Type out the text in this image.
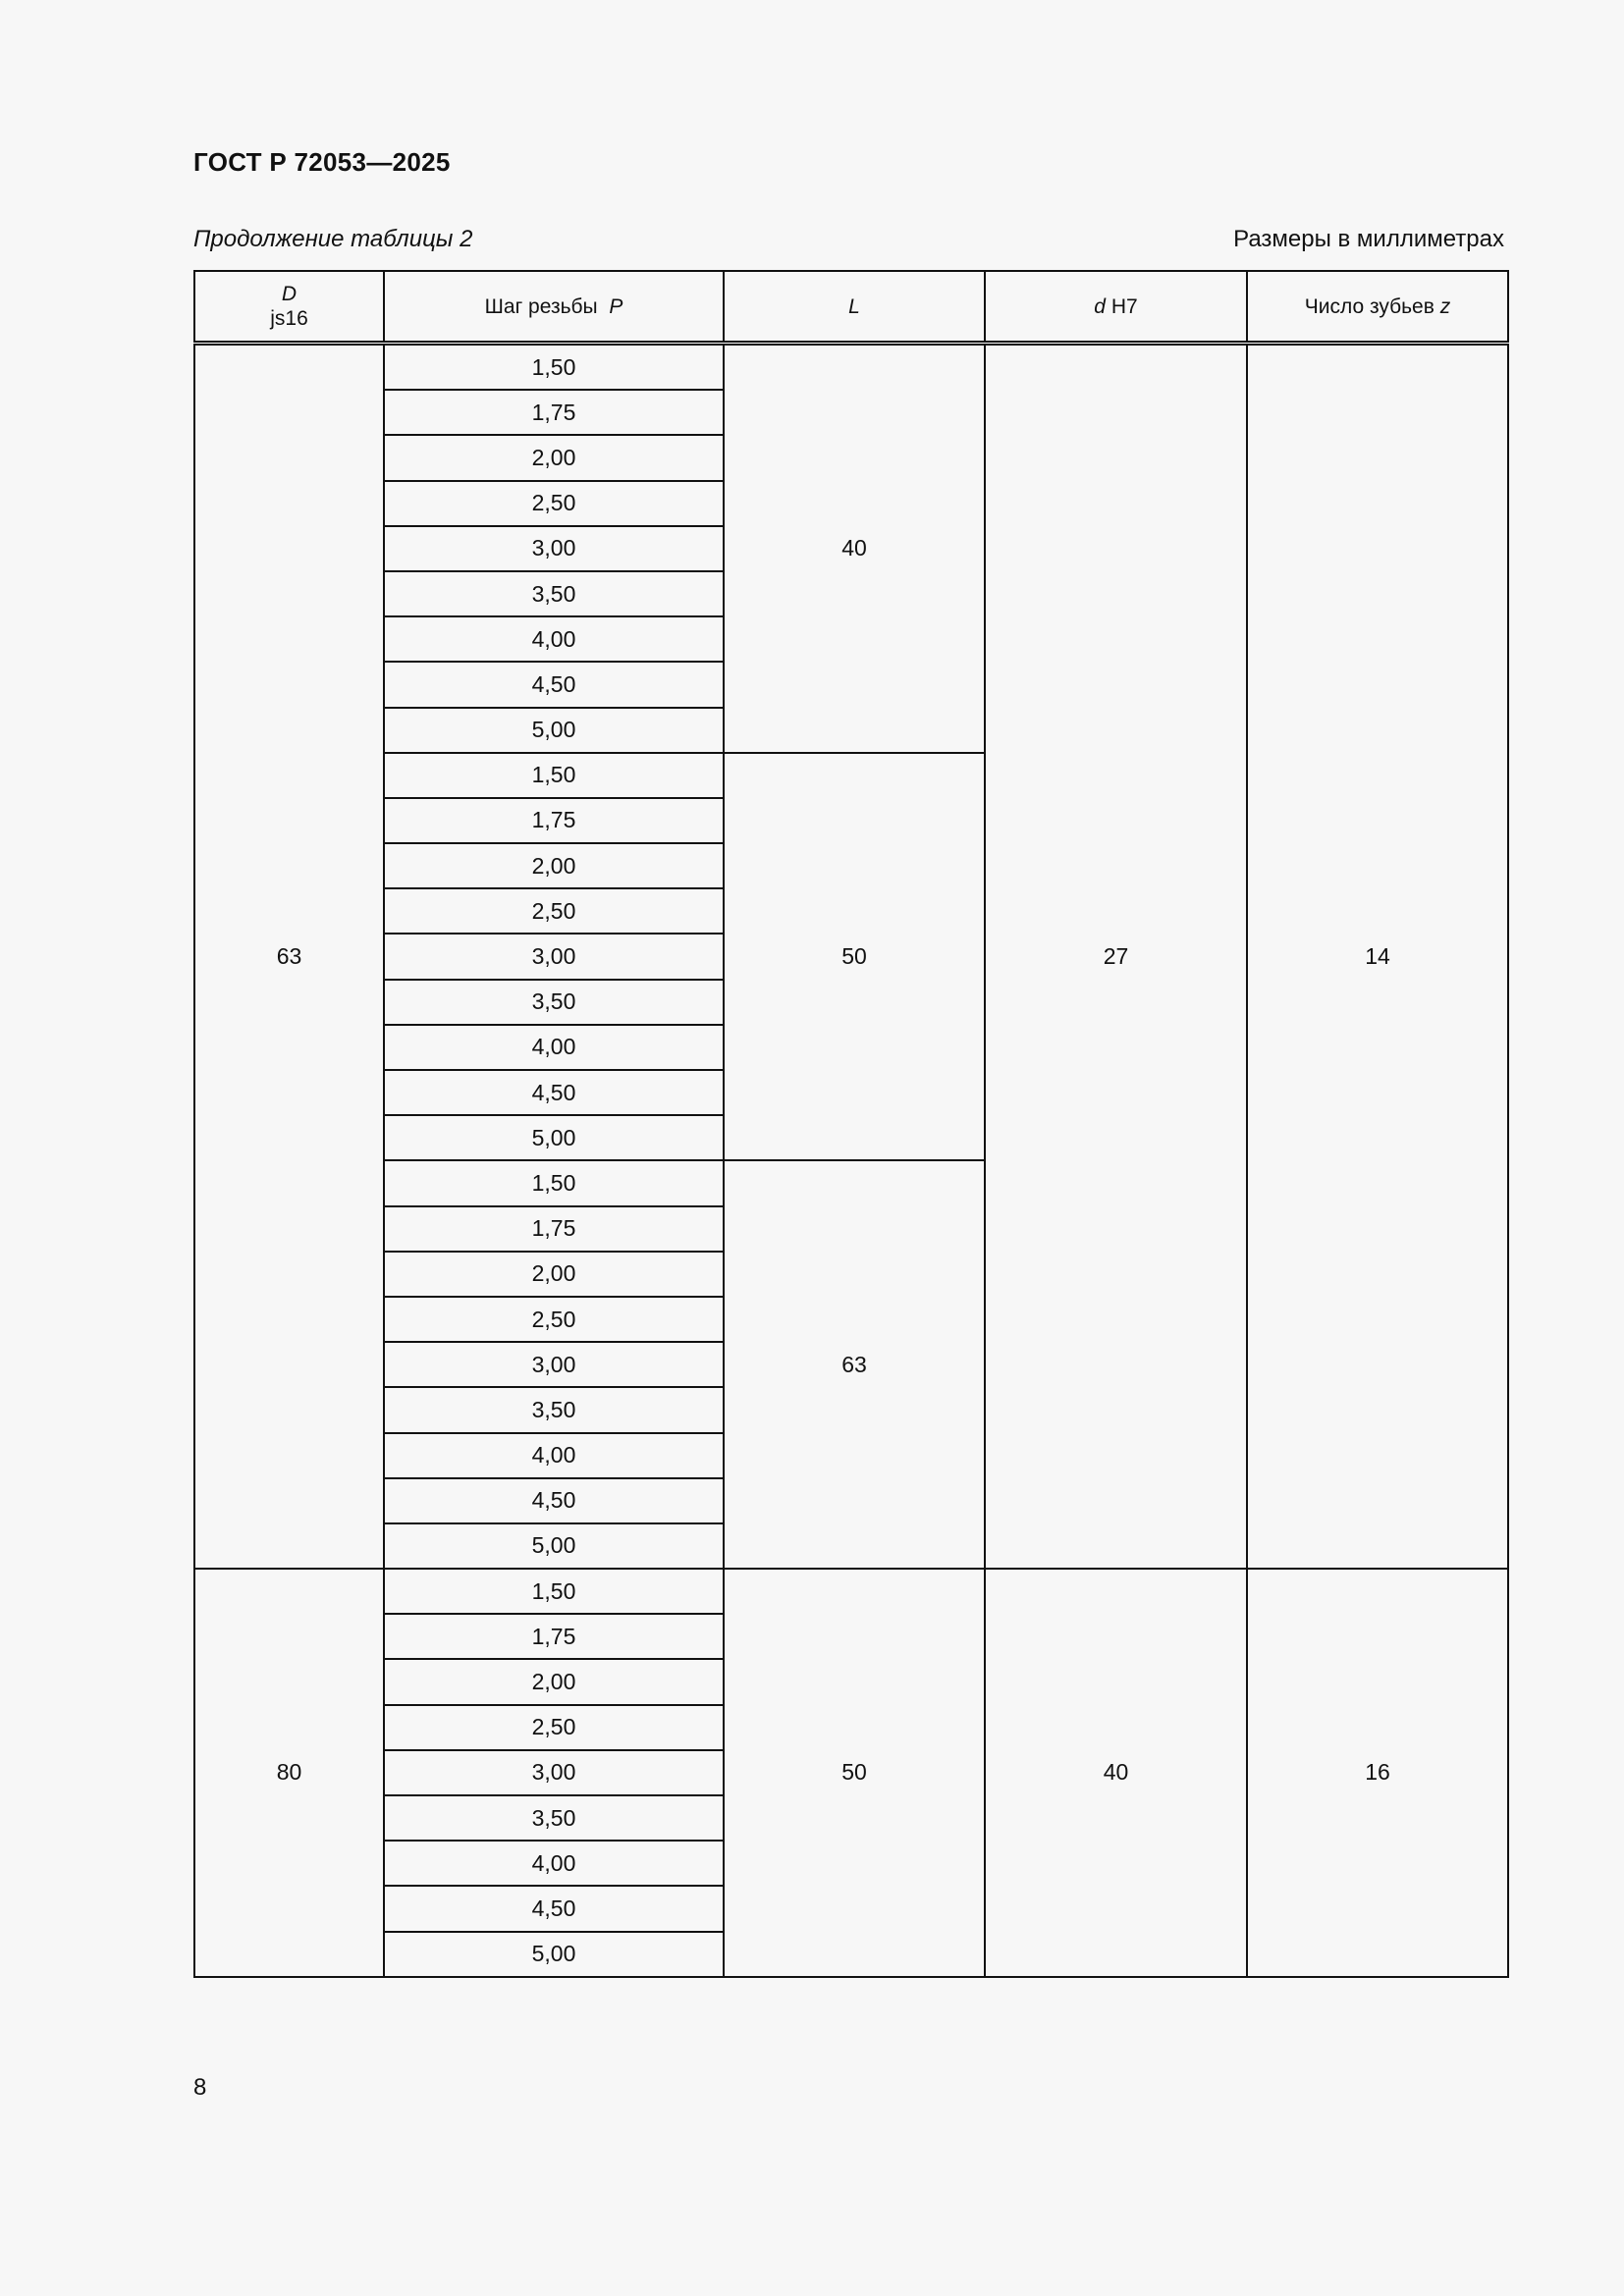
ГОСТ Р 72053—2025
Продолжение таблицы 2	Размеры в миллиметрах
D
js16	Шаг резьбы P	L	d H7	Число зубьев z
63	1,50	40	27	14
	1,75			
	2,00			
	2,50			
	3,00			
	3,50			
	4,00			
	4,50			
	5,00			
	1,50	50		
	1,75			
	2,00			
	2,50			
	3,00			
	3,50			
	4,00			
	4,50			
	5,00			
	1,50	63		
	1,75			
	2,00			
	2,50			
	3,00			
	3,50			
	4,00			
	4,50			
	5,00			
80	1,50	50	40	16
	1,75			
	2,00			
	2,50			
	3,00			
	3,50			
	4,00			
	4,50			
	5,00			
8
